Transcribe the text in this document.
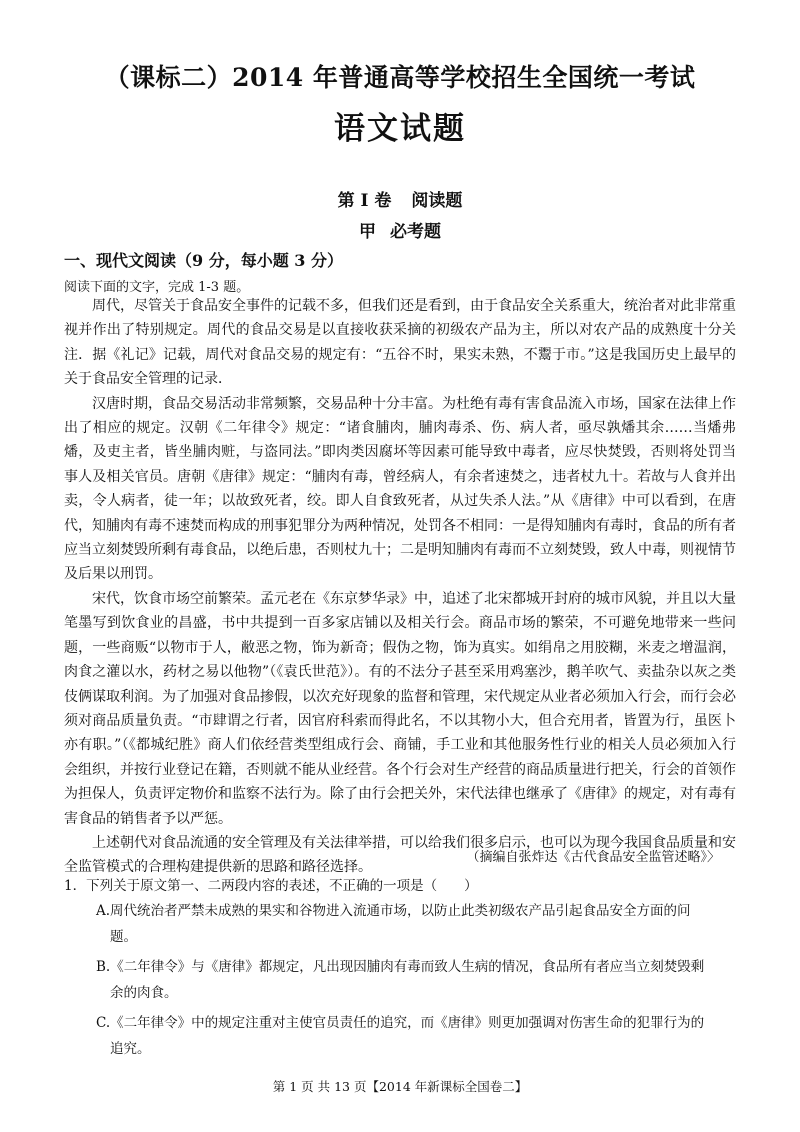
（课标二）2014 年普通高等学校招生全国统一考试
语文试题
第 I 卷 阅读题
甲 必考题
一、现代文阅读（9 分，每小题 3 分）
阅读下面的文字，完成 1-3 题。

周代，尽管关于食品安全事件的记载不多，但我们还是看到，由于食品安全关系重大，统治者对此非常重视并作出了特别规定。周代的食品交易是以直接收获采摘的初级农产品为主，所以对农产品的成熟度十分关注．据《礼记》记载，周代对食品交易的规定有：“五谷不时，果实未熟，不鬻于市。”这是我国历史上最早的关于食品安全管理的记录．

汉唐时期，食品交易活动非常频繁，交易品种十分丰富。为杜绝有毒有害食品流入市场，国家在法律上作出了相应的规定。汉朝《二年律令》规定：“诸食脯肉，脯肉毒杀、伤、病人者，亟尽孰燔其余……当燔弗燔，及吏主者，皆坐脯肉赃，与盗同法。”即肉类因腐坏等因素可能导致中毒者，应尽快焚毁，否则将处罚当事人及相关官员。唐朝《唐律》规定：“脯肉有毒，曾经病人，有余者速焚之，违者杖九十。若故与人食并出卖，令人病者，徒一年；以故致死者，绞。即人自食致死者，从过失杀人法。”从《唐律》中可以看到，在唐代，知脯肉有毒不速焚而构成的刑事犯罪分为两种情况，处罚各不相同：一是得知脯肉有毒时，食品的所有者应当立刻焚毁所剩有毒食品，以绝后患，否则杖九十；二是明知脯肉有毒而不立刻焚毁，致人中毒，则视情节及后果以刑罚。

宋代，饮食市场空前繁荣。孟元老在《东京梦华录》中，追述了北宋都城开封府的城市风貌，并且以大量笔墨写到饮食业的昌盛，书中共提到一百多家店铺以及相关行会。商品市场的繁荣，不可避免地带来一些问题，一些商贩“以物市于人，敝恶之物，饰为新奇；假伪之物，饰为真实。如绢帛之用胶糊，米麦之增温润，肉食之灌以水，药材之易以他物”（《袁氏世范》）。有的不法分子甚至采用鸡塞沙，鹅羊吹气、卖盐杂以灰之类伎俩谋取利润。为了加强对食品掺假，以次充好现象的监督和管理，宋代规定从业者必须加入行会，而行会必须对商品质量负责。“市肆谓之行者，因官府科索而得此名，不以其物小大，但合充用者，皆置为行，虽医卜亦有职。”（《都城纪胜》商人们依经营类型组成行会、商铺，手工业和其他服务性行业的相关人员必须加入行会组织，并按行业登记在籍，否则就不能从业经营。各个行会对生产经营的商品质量进行把关，行会的首领作为担保人，负责评定物价和监察不法行为。除了由行会把关外，宋代法律也继承了《唐律》的规定，对有毒有害食品的销售者予以严惩。

上述朝代对食品流通的安全管理及有关法律举措，可以给我们很多启示，也可以为现今我国食品质量和安全监管模式的合理构建提供新的思路和路径选择。

（摘编自张炸达《古代食品安全监管述略》〉
1．下列关于原文第一、二两段内容的表述，不正确的一项是（　　）
A.周代统治者严禁未成熟的果实和谷物进入流通市场，以防止此类初级农产品引起食品安全方面的问
题。
B.《二年律令》与《唐律》都规定，凡出现因脯肉有毒而致人生病的情况，食品所有者应当立刻焚毁剩
余的肉食。
C.《二年律令》中的规定注重对主使官员责任的追究，而《唐律》则更加强调对伤害生命的犯罪行为的
追究。
第 1 页 共 13 页【2014 年新课标全国卷二】
